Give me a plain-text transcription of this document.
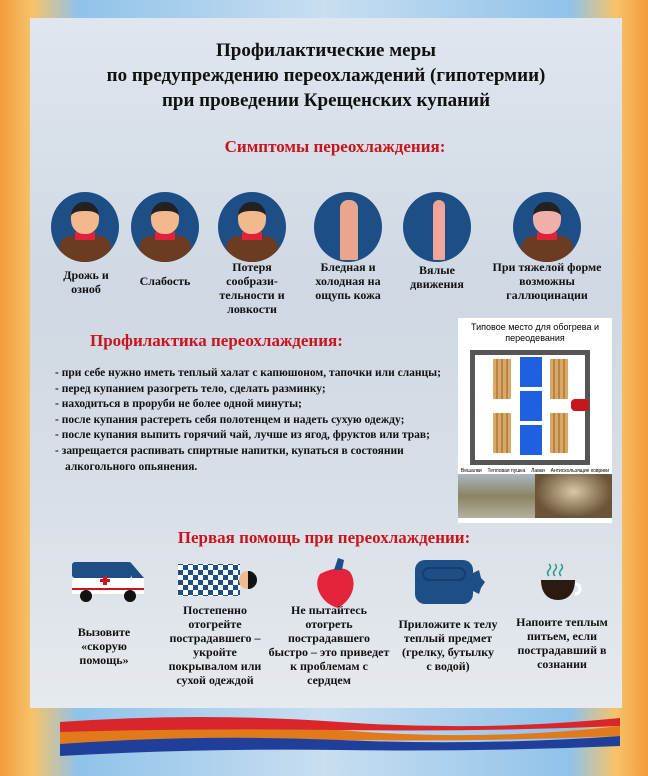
Профилактические меры
по предупреждению переохлаждений (гипотермии)
при проведении Крещенских купаний
Симптомы переохлаждения:
Дрожь и озноб
Слабость
Потеря сообрази-тельности и ловкости
Бледная и холодная на ощупь кожа
Вялые движения
При тяжелой форме возможны галлюцинации
Профилактика переохлаждения:
- при себе нужно иметь теплый халат с капюшоном, тапочки или сланцы;
- перед купанием разогреть тело, сделать разминку;
- находиться в проруби не более одной минуты;
- после купания растереть себя полотенцем и надеть сухую одежду;
- после купания выпить горячий чай, лучше из ягод, фруктов или трав;
- запрещается распивать спиртные напитки, купаться в состоянии алкогольного опьянения.
Типовое место для обогрева и переодевания
Вешалки Тепловая пушка Лавки Антискользящие коврики
Первая помощь при переохлаждении:
Вызовите «скорую помощь»
Постепенно отогрейте пострадавшего – укройте покрывалом или сухой одеждой
Не пытайтесь отогреть пострадавшего быстро – это приведет к проблемам с сердцем
Приложите к телу теплый предмет (грелку, бутылку с водой)
Напоите теплым питьем, если пострадавший в сознании
